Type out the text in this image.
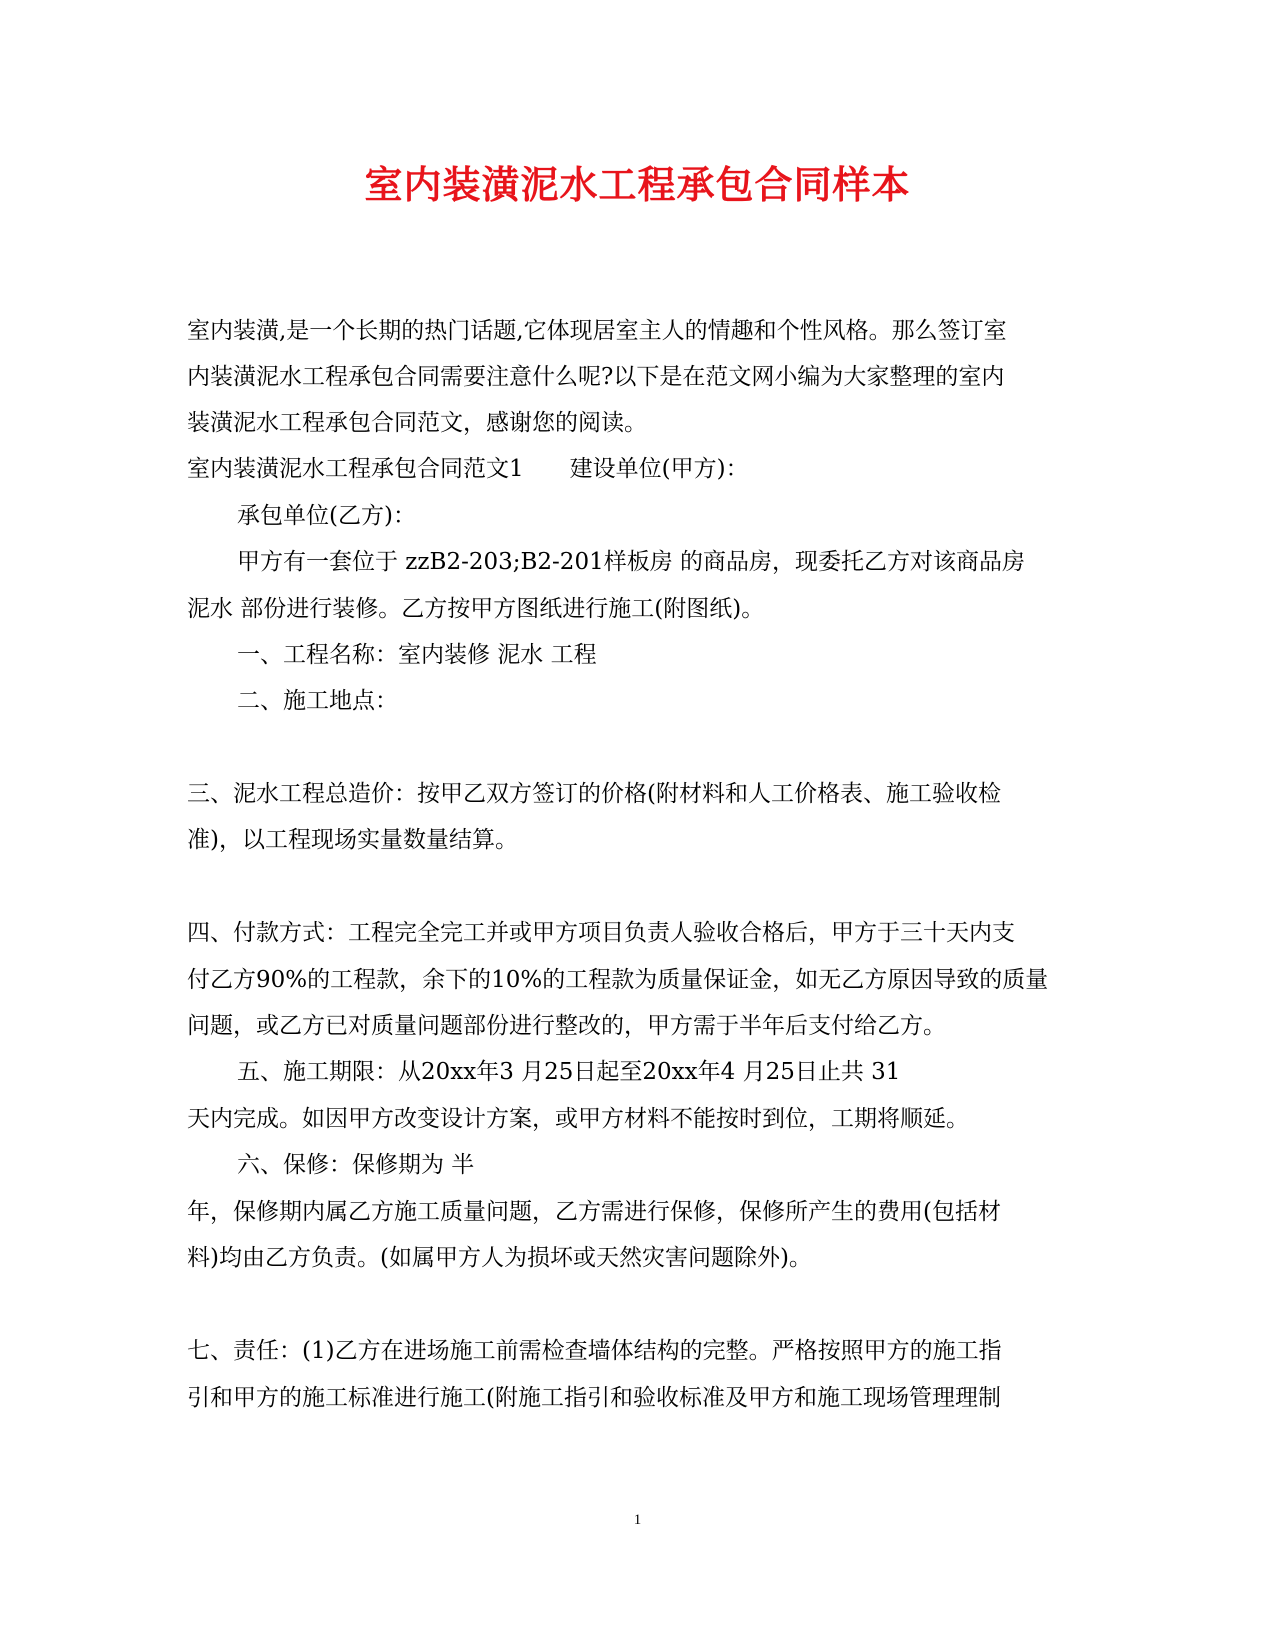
室内装潢泥水工程承包合同样本
室内装潢,是一个长期的热门话题,它体现居室主人的情趣和个性风格。那么签订室
内装潢泥水工程承包合同需要注意什么呢?以下是在范文网小编为大家整理的室内
装潢泥水工程承包合同范文，感谢您的阅读。
室内装潢泥水工程承包合同范文1　　建设单位(甲方)：
承包单位(乙方)：
甲方有一套位于 zzB2-203;B2-201样板房 的商品房，现委托乙方对该商品房
泥水 部份进行装修。乙方按甲方图纸进行施工(附图纸)。
一、工程名称：室内装修 泥水 工程
二、施工地点：
三、泥水工程总造价：按甲乙双方签订的价格(附材料和人工价格表、施工验收检
准)，以工程现场实量数量结算。
四、付款方式：工程完全完工并或甲方项目负责人验收合格后，甲方于三十天内支
付乙方90%的工程款，余下的10%的工程款为质量保证金，如无乙方原因导致的质量
问题，或乙方已对质量问题部份进行整改的，甲方需于半年后支付给乙方。
五、施工期限：从20xx年3 月25日起至20xx年4 月25日止共 31
天内完成。如因甲方改变设计方案，或甲方材料不能按时到位，工期将顺延。
六、保修：保修期为 半
年，保修期内属乙方施工质量问题，乙方需进行保修，保修所产生的费用(包括材
料)均由乙方负责。(如属甲方人为损坏或天然灾害问题除外)。
七、责任：(1)乙方在进场施工前需检查墙体结构的完整。严格按照甲方的施工指
引和甲方的施工标准进行施工(附施工指引和验收标准及甲方和施工现场管理理制
1
